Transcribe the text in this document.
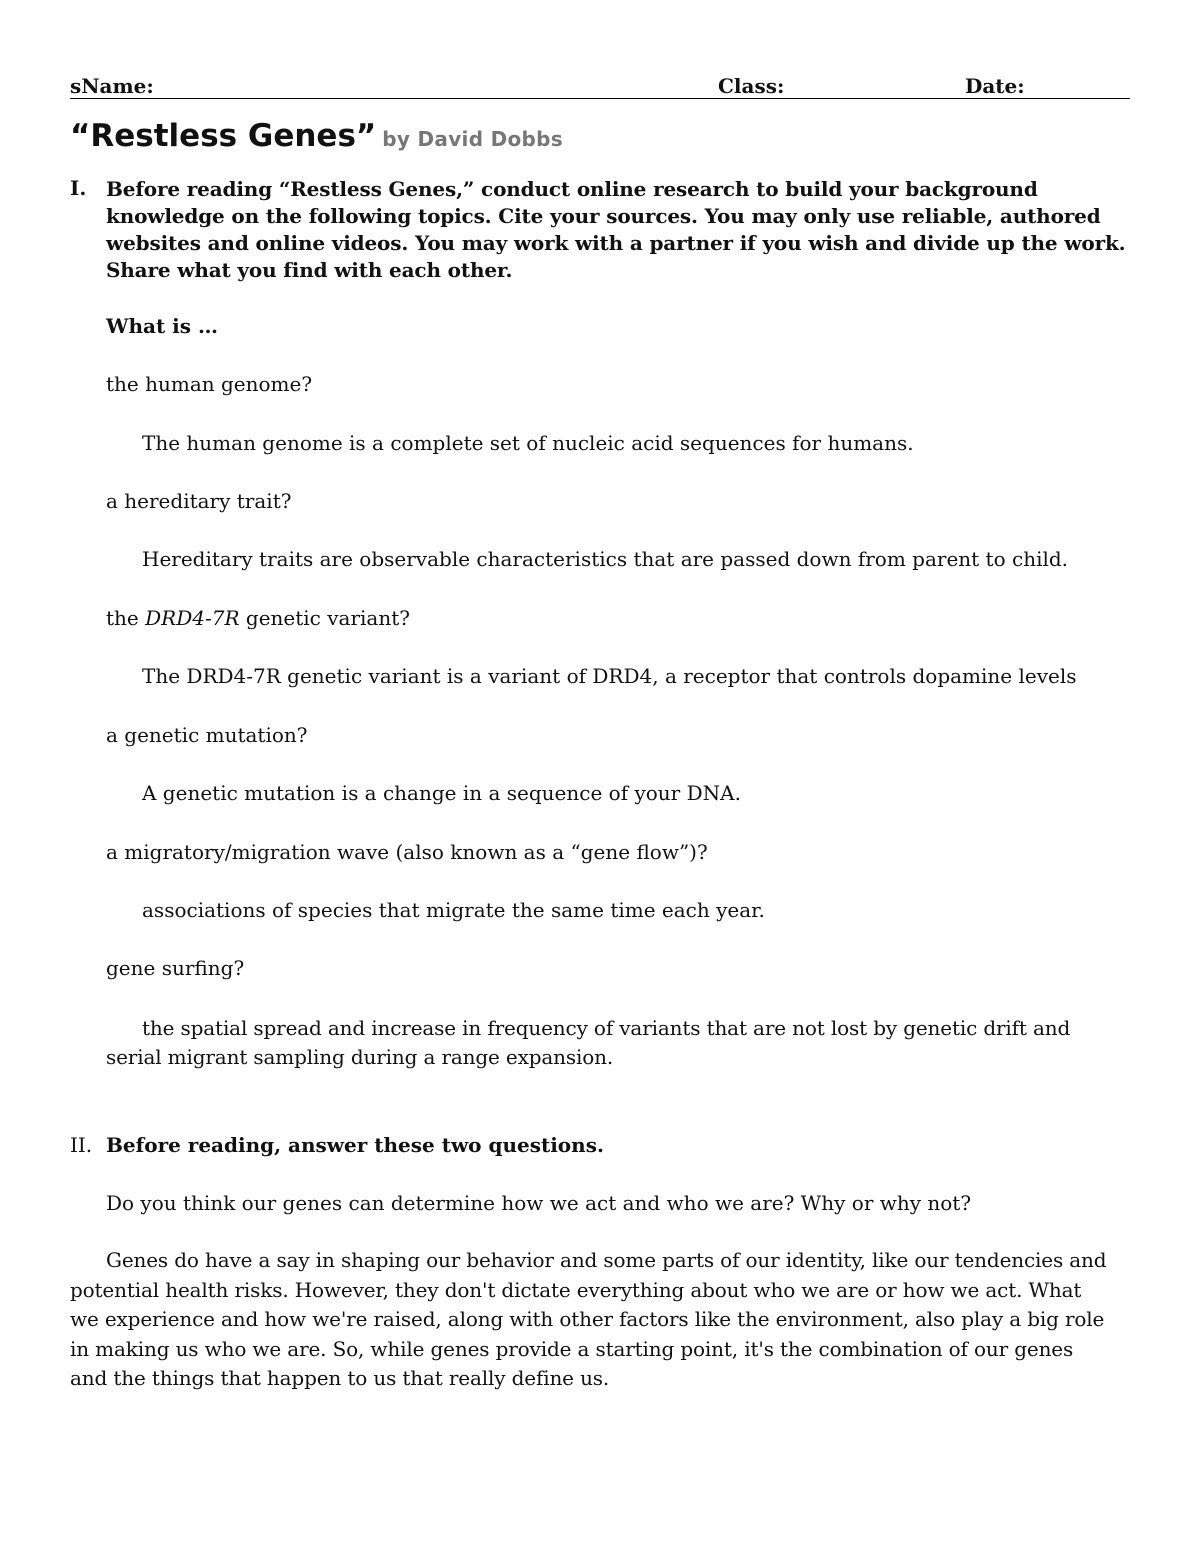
sName:	Class:	Date:
“Restless Genes” by David Dobbs
I. Before reading “Restless Genes,” conduct online research to build your background knowledge on the following topics. Cite your sources. You may only use reliable, authored websites and online videos. You may work with a partner if you wish and divide up the work. Share what you find with each other.
What is …
the human genome?
The human genome is a complete set of nucleic acid sequences for humans.
a hereditary trait?
Hereditary traits are observable characteristics that are passed down from parent to child.
the DRD4-7R genetic variant?
The DRD4-7R genetic variant is a variant of DRD4, a receptor that controls dopamine levels
a genetic mutation?
A genetic mutation is a change in a sequence of your DNA.
a migratory/migration wave (also known as a “gene flow”)?
associations of species that migrate the same time each year.
gene surfing?
the spatial spread and increase in frequency of variants that are not lost by genetic drift and serial migrant sampling during a range expansion.
II. Before reading, answer these two questions.
Do you think our genes can determine how we act and who we are? Why or why not?
Genes do have a say in shaping our behavior and some parts of our identity, like our tendencies and potential health risks. However, they don't dictate everything about who we are or how we act. What we experience and how we're raised, along with other factors like the environment, also play a big role in making us who we are. So, while genes provide a starting point, it's the combination of our genes and the things that happen to us that really define us.
